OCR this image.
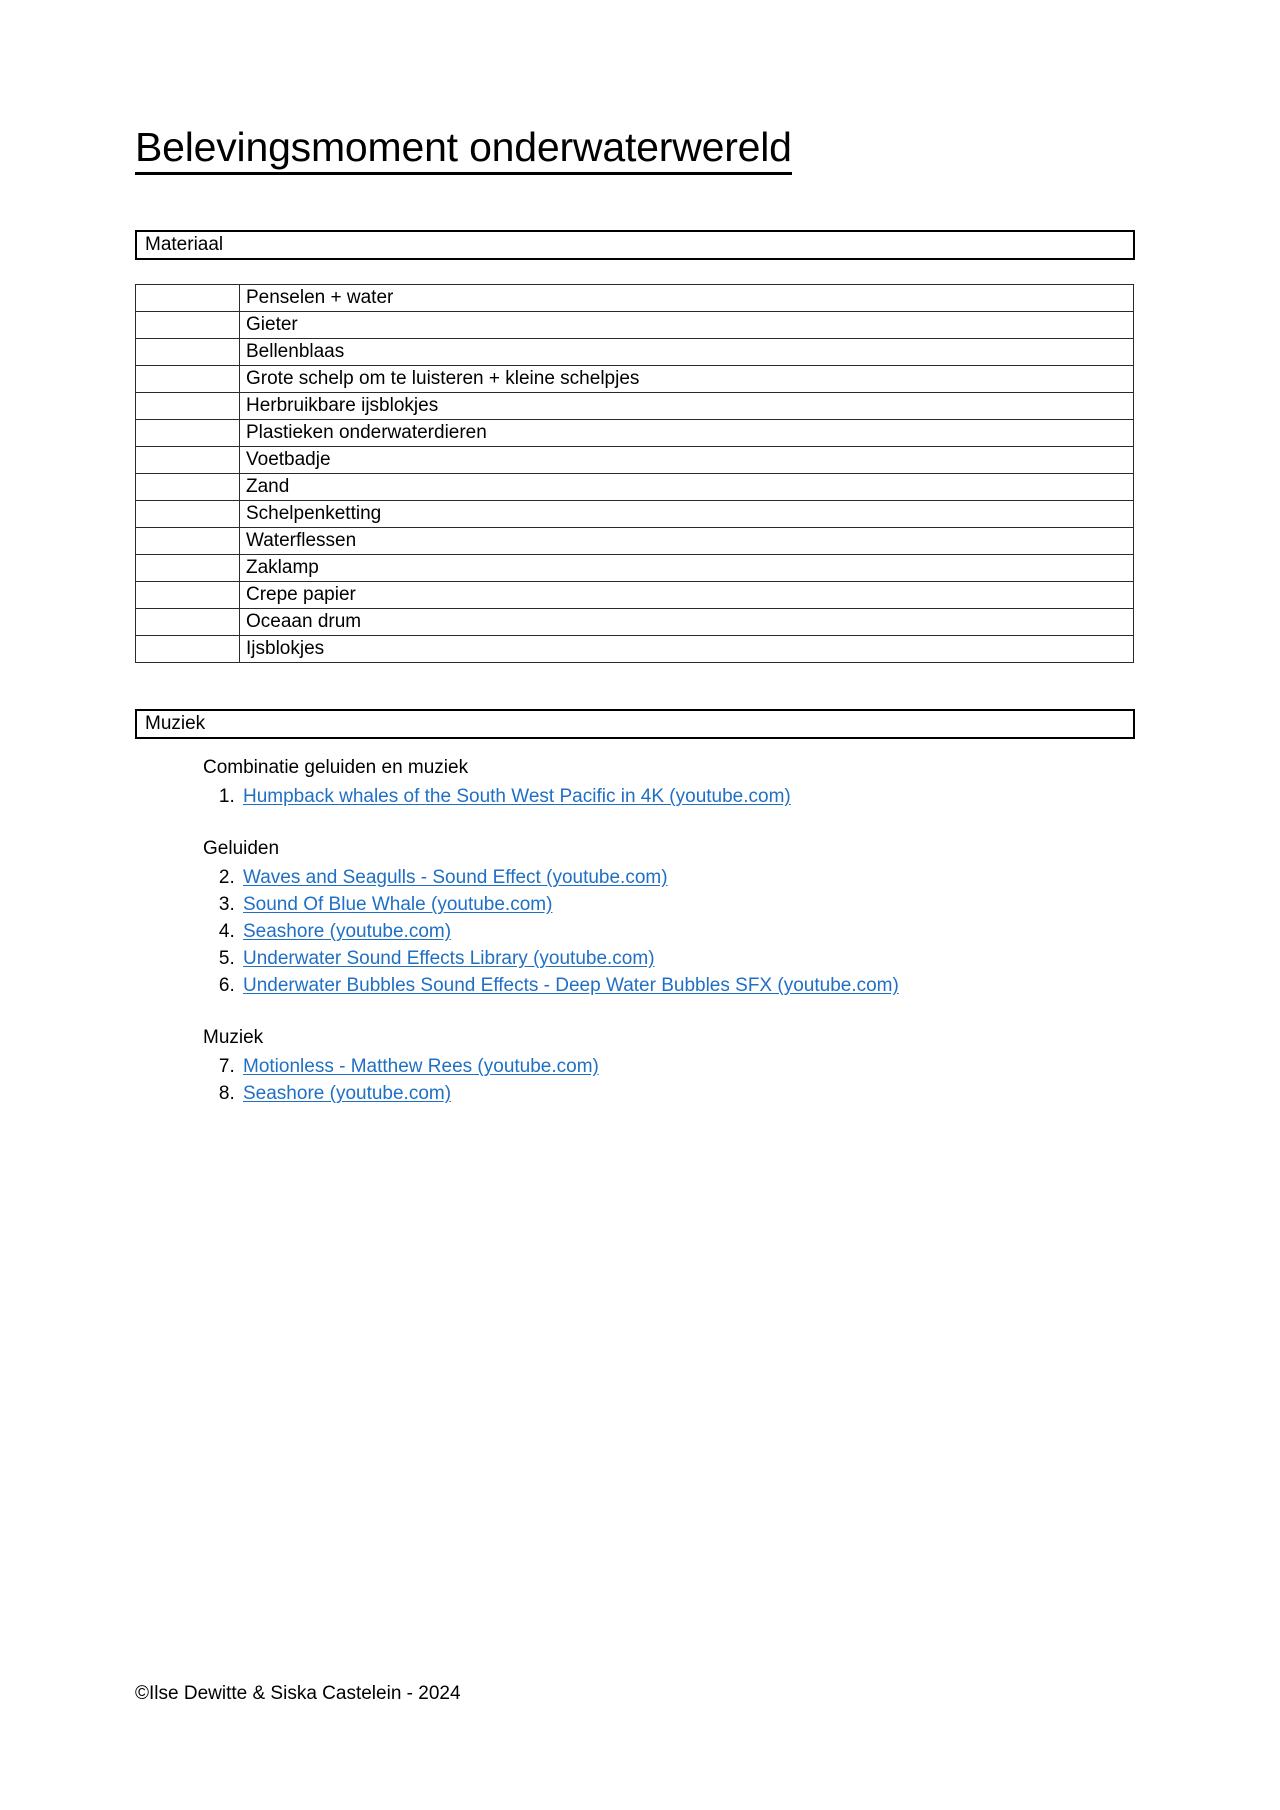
Belevingsmoment onderwaterwereld
Materiaal
	Penselen + water
	Gieter
	Bellenblaas
	Grote schelp om te luisteren + kleine schelpjes
	Herbruikbare ijsblokjes
	Plastieken onderwaterdieren
	Voetbadje
	Zand
	Schelpenketting
	Waterflessen
	Zaklamp
	Crepe papier
	Oceaan drum
	Ijsblokjes
Muziek
Combinatie geluiden en muziek
1. Humpback whales of the South West Pacific in 4K (youtube.com)
Geluiden
2. Waves and Seagulls - Sound Effect (youtube.com)
3. Sound Of Blue Whale (youtube.com)
4. Seashore (youtube.com)
5. Underwater Sound Effects Library (youtube.com)
6. Underwater Bubbles Sound Effects - Deep Water Bubbles SFX (youtube.com)
Muziek
7. Motionless - Matthew Rees (youtube.com)
8. Seashore (youtube.com)
©Ilse Dewitte & Siska Castelein - 2024
